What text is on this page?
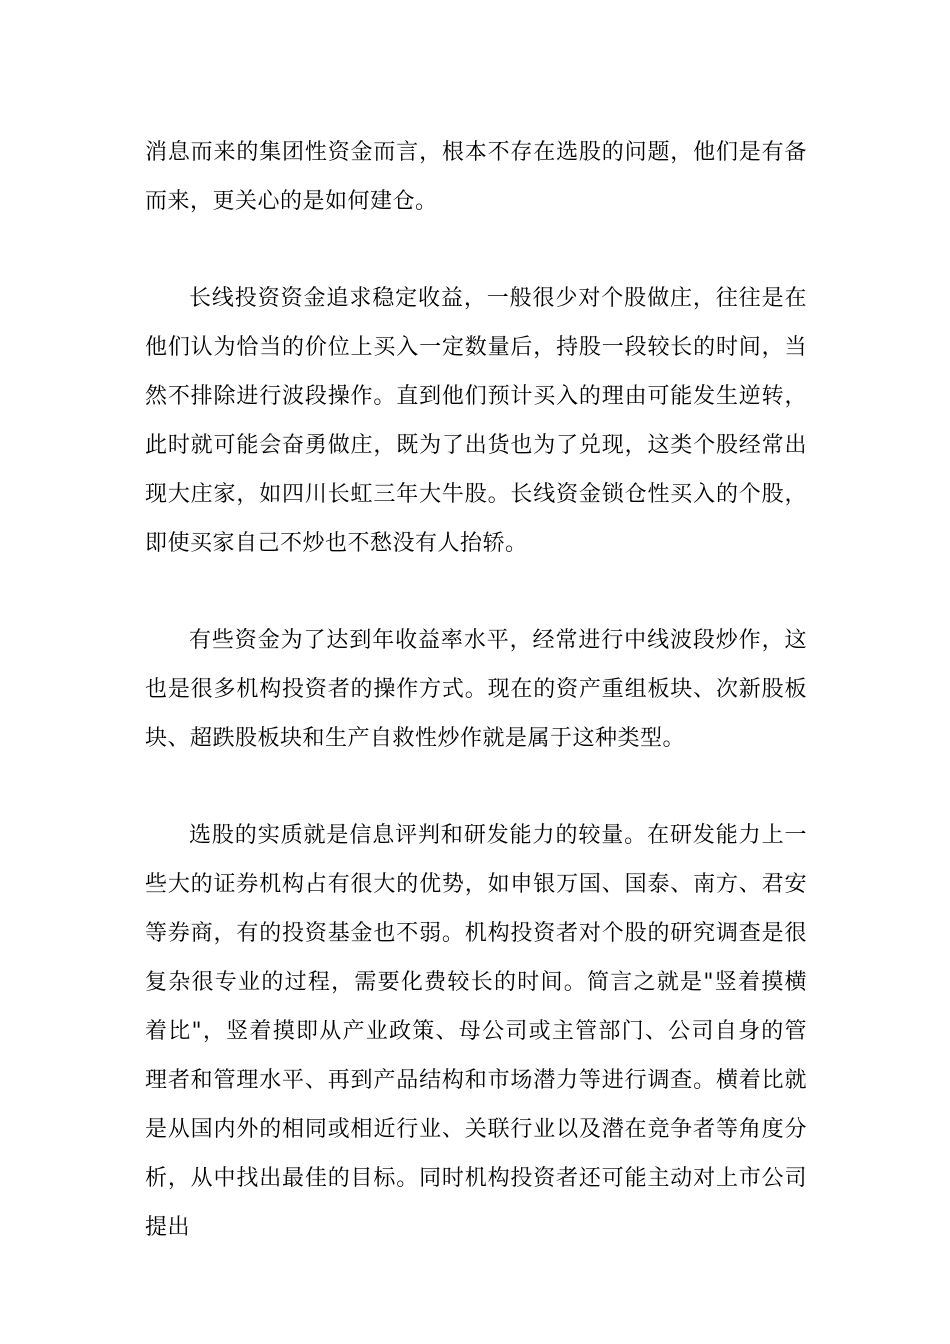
消息而来的集团性资金而言，根本不存在选股的问题，他们是有备而来，更关心的是如何建仓。

长线投资资金追求稳定收益，一般很少对个股做庄，往往是在他们认为恰当的价位上买入一定数量后，持股一段较长的时间，当然不排除进行波段操作。直到他们预计买入的理由可能发生逆转，此时就可能会奋勇做庄，既为了出货也为了兑现，这类个股经常出现大庄家，如四川长虹三年大牛股。长线资金锁仓性买入的个股，即使买家自己不炒也不愁没有人抬轿。

有些资金为了达到年收益率水平，经常进行中线波段炒作，这也是很多机构投资者的操作方式。现在的资产重组板块、次新股板块、超跌股板块和生产自救性炒作就是属于这种类型。

选股的实质就是信息评判和研发能力的较量。在研发能力上一些大的证券机构占有很大的优势，如申银万国、国泰、南方、君安等券商，有的投资基金也不弱。机构投资者对个股的研究调查是很复杂很专业的过程，需要化费较长的时间。简言之就是"竖着摸横着比"，竖着摸即从产业政策、母公司或主管部门、公司自身的管理者和管理水平、再到产品结构和市场潜力等进行调查。横着比就是从国内外的相同或相近行业、关联行业以及潜在竞争者等角度分析，从中找出最佳的目标。同时机构投资者还可能主动对上市公司提出
